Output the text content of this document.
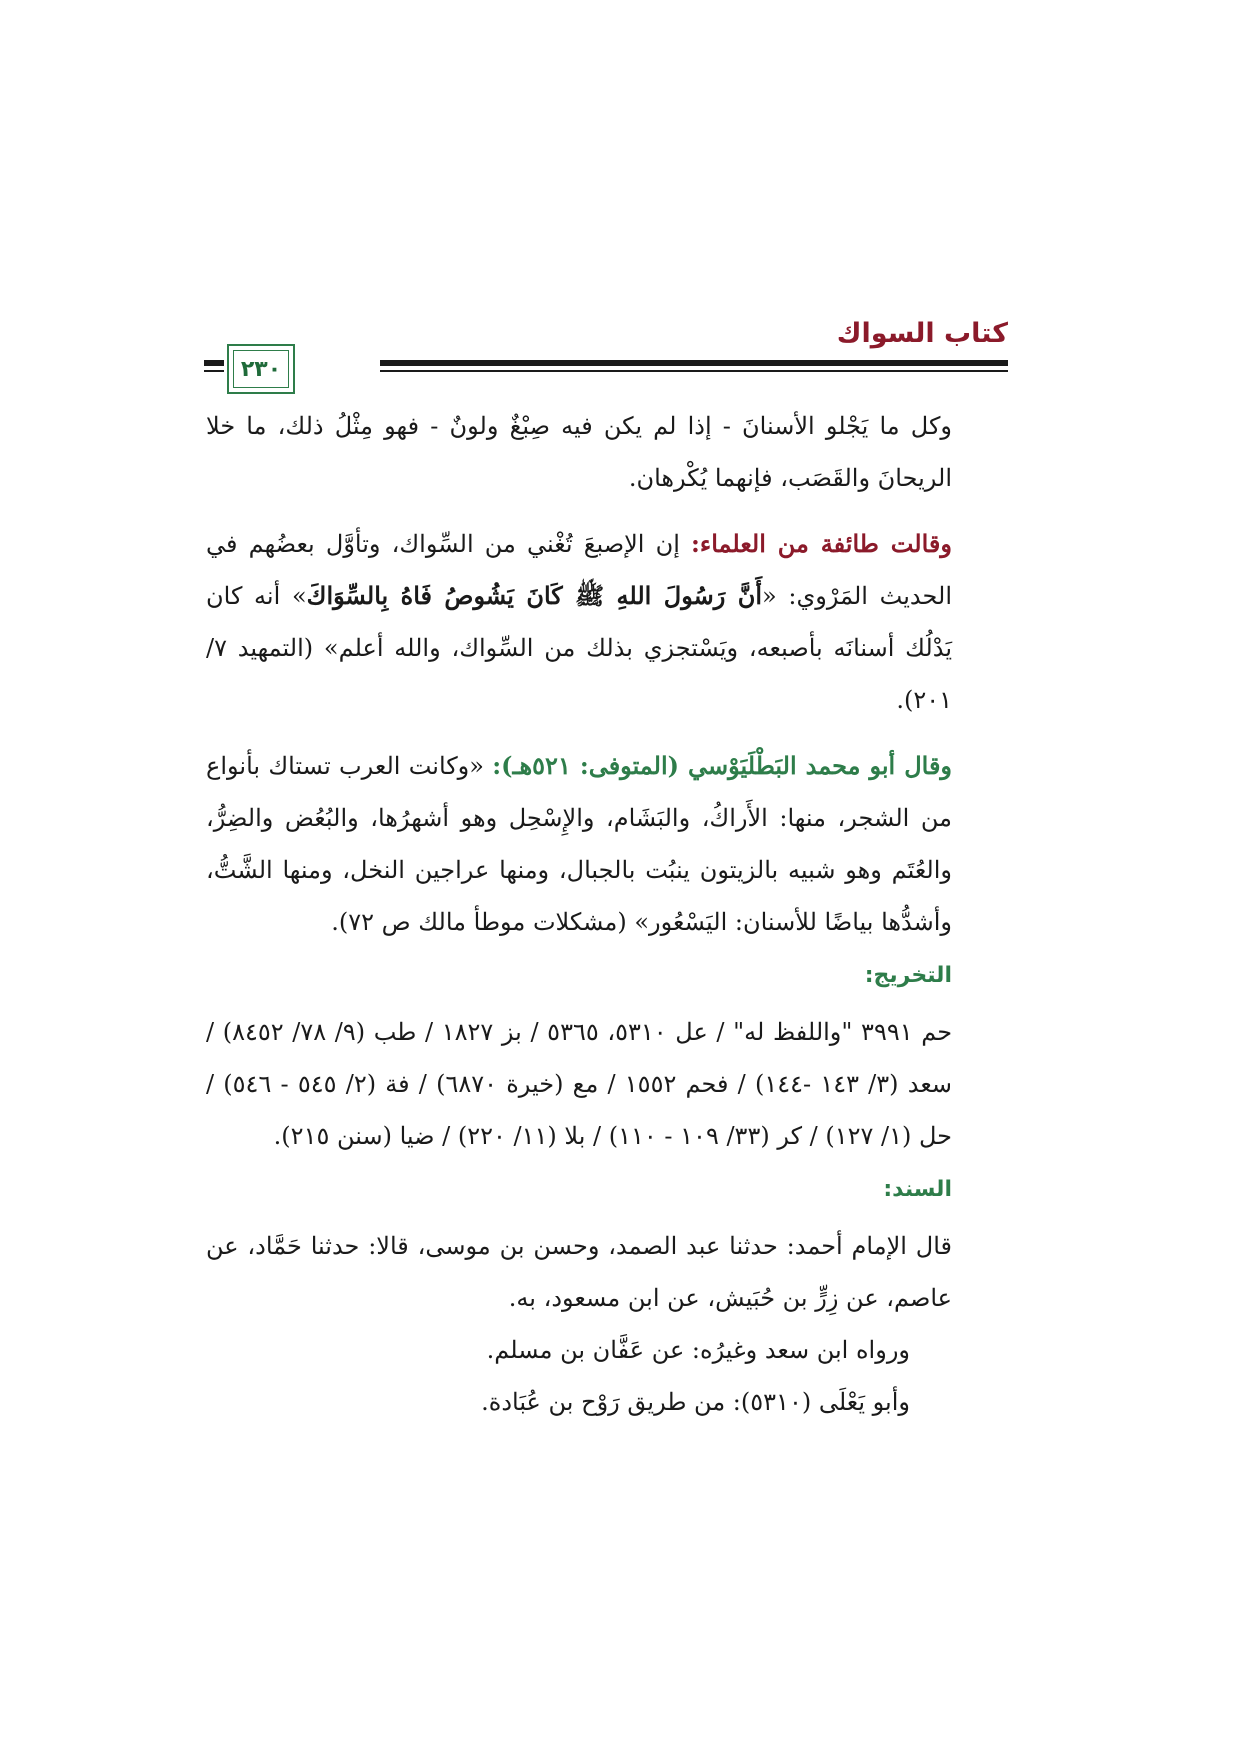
كتاب السواك
٢٣٠

وكل ما يَجْلو الأسنانَ - إذا لم يكن فيه صِبْغٌ ولونٌ - فهو مِثْلُ ذلك، ما خلا الريحانَ والقَصَب، فإنهما يُكْرهان.

وقالت طائفة من العلماء: إن الإصبعَ تُغْني من السِّواك، وتأوَّل بعضُهم في الحديث المَرْوي: «أَنَّ رَسُولَ اللهِ ﷺ كَانَ يَشُوصُ فَاهُ بِالسِّوَاكَ» أنه كان يَدْلُك أسنانَه بأصبعه، ويَسْتجزي بذلك من السِّواك، والله أعلم» (التمهيد ٧/ ٢٠١).

وقال أبو محمد البَطْلَيَوْسي (المتوفى: ٥٢١هـ): «وكانت العرب تستاك بأنواع من الشجر، منها: الأَراكُ، والبَشَام، والإِسْحِل وهو أشهرُها، والبُعُض والضِرُّ، والعُتَم وهو شبيه بالزيتون ينبُت بالجبال، ومنها عراجين النخل، ومنها الشَّتُّ، وأشدُّها بياضًا للأسنان: اليَسْعُور» (مشكلات موطأ مالك ص ٧٢).

التخريج:

حم ٣٩٩١ "واللفظ له" / عل ٥٣١٠، ٥٣٦٥ / بز ١٨٢٧ / طب (٩/ ٧٨/ ٨٤٥٢) / سعد (٣/ ١٤٣ -١٤٤) / فحم ١٥٥٢ / مع (خيرة ٦٨٧٠) / فة (٢/ ٥٤٥ - ٥٤٦) / حل (١/ ١٢٧) / كر (٣٣/ ١٠٩ - ١١٠) / بلا (١١/ ٢٢٠) / ضيا (سنن ٢١٥).

السند:

قال الإمام أحمد: حدثنا عبد الصمد، وحسن بن موسى، قالا: حدثنا حَمَّاد، عن عاصم، عن زِرٍّ بن حُبَيش، عن ابن مسعود، به.

ورواه ابن سعد وغيرُه: عن عَفَّان بن مسلم.

وأبو يَعْلَى (٥٣١٠): من طريق رَوْح بن عُبَادة.
